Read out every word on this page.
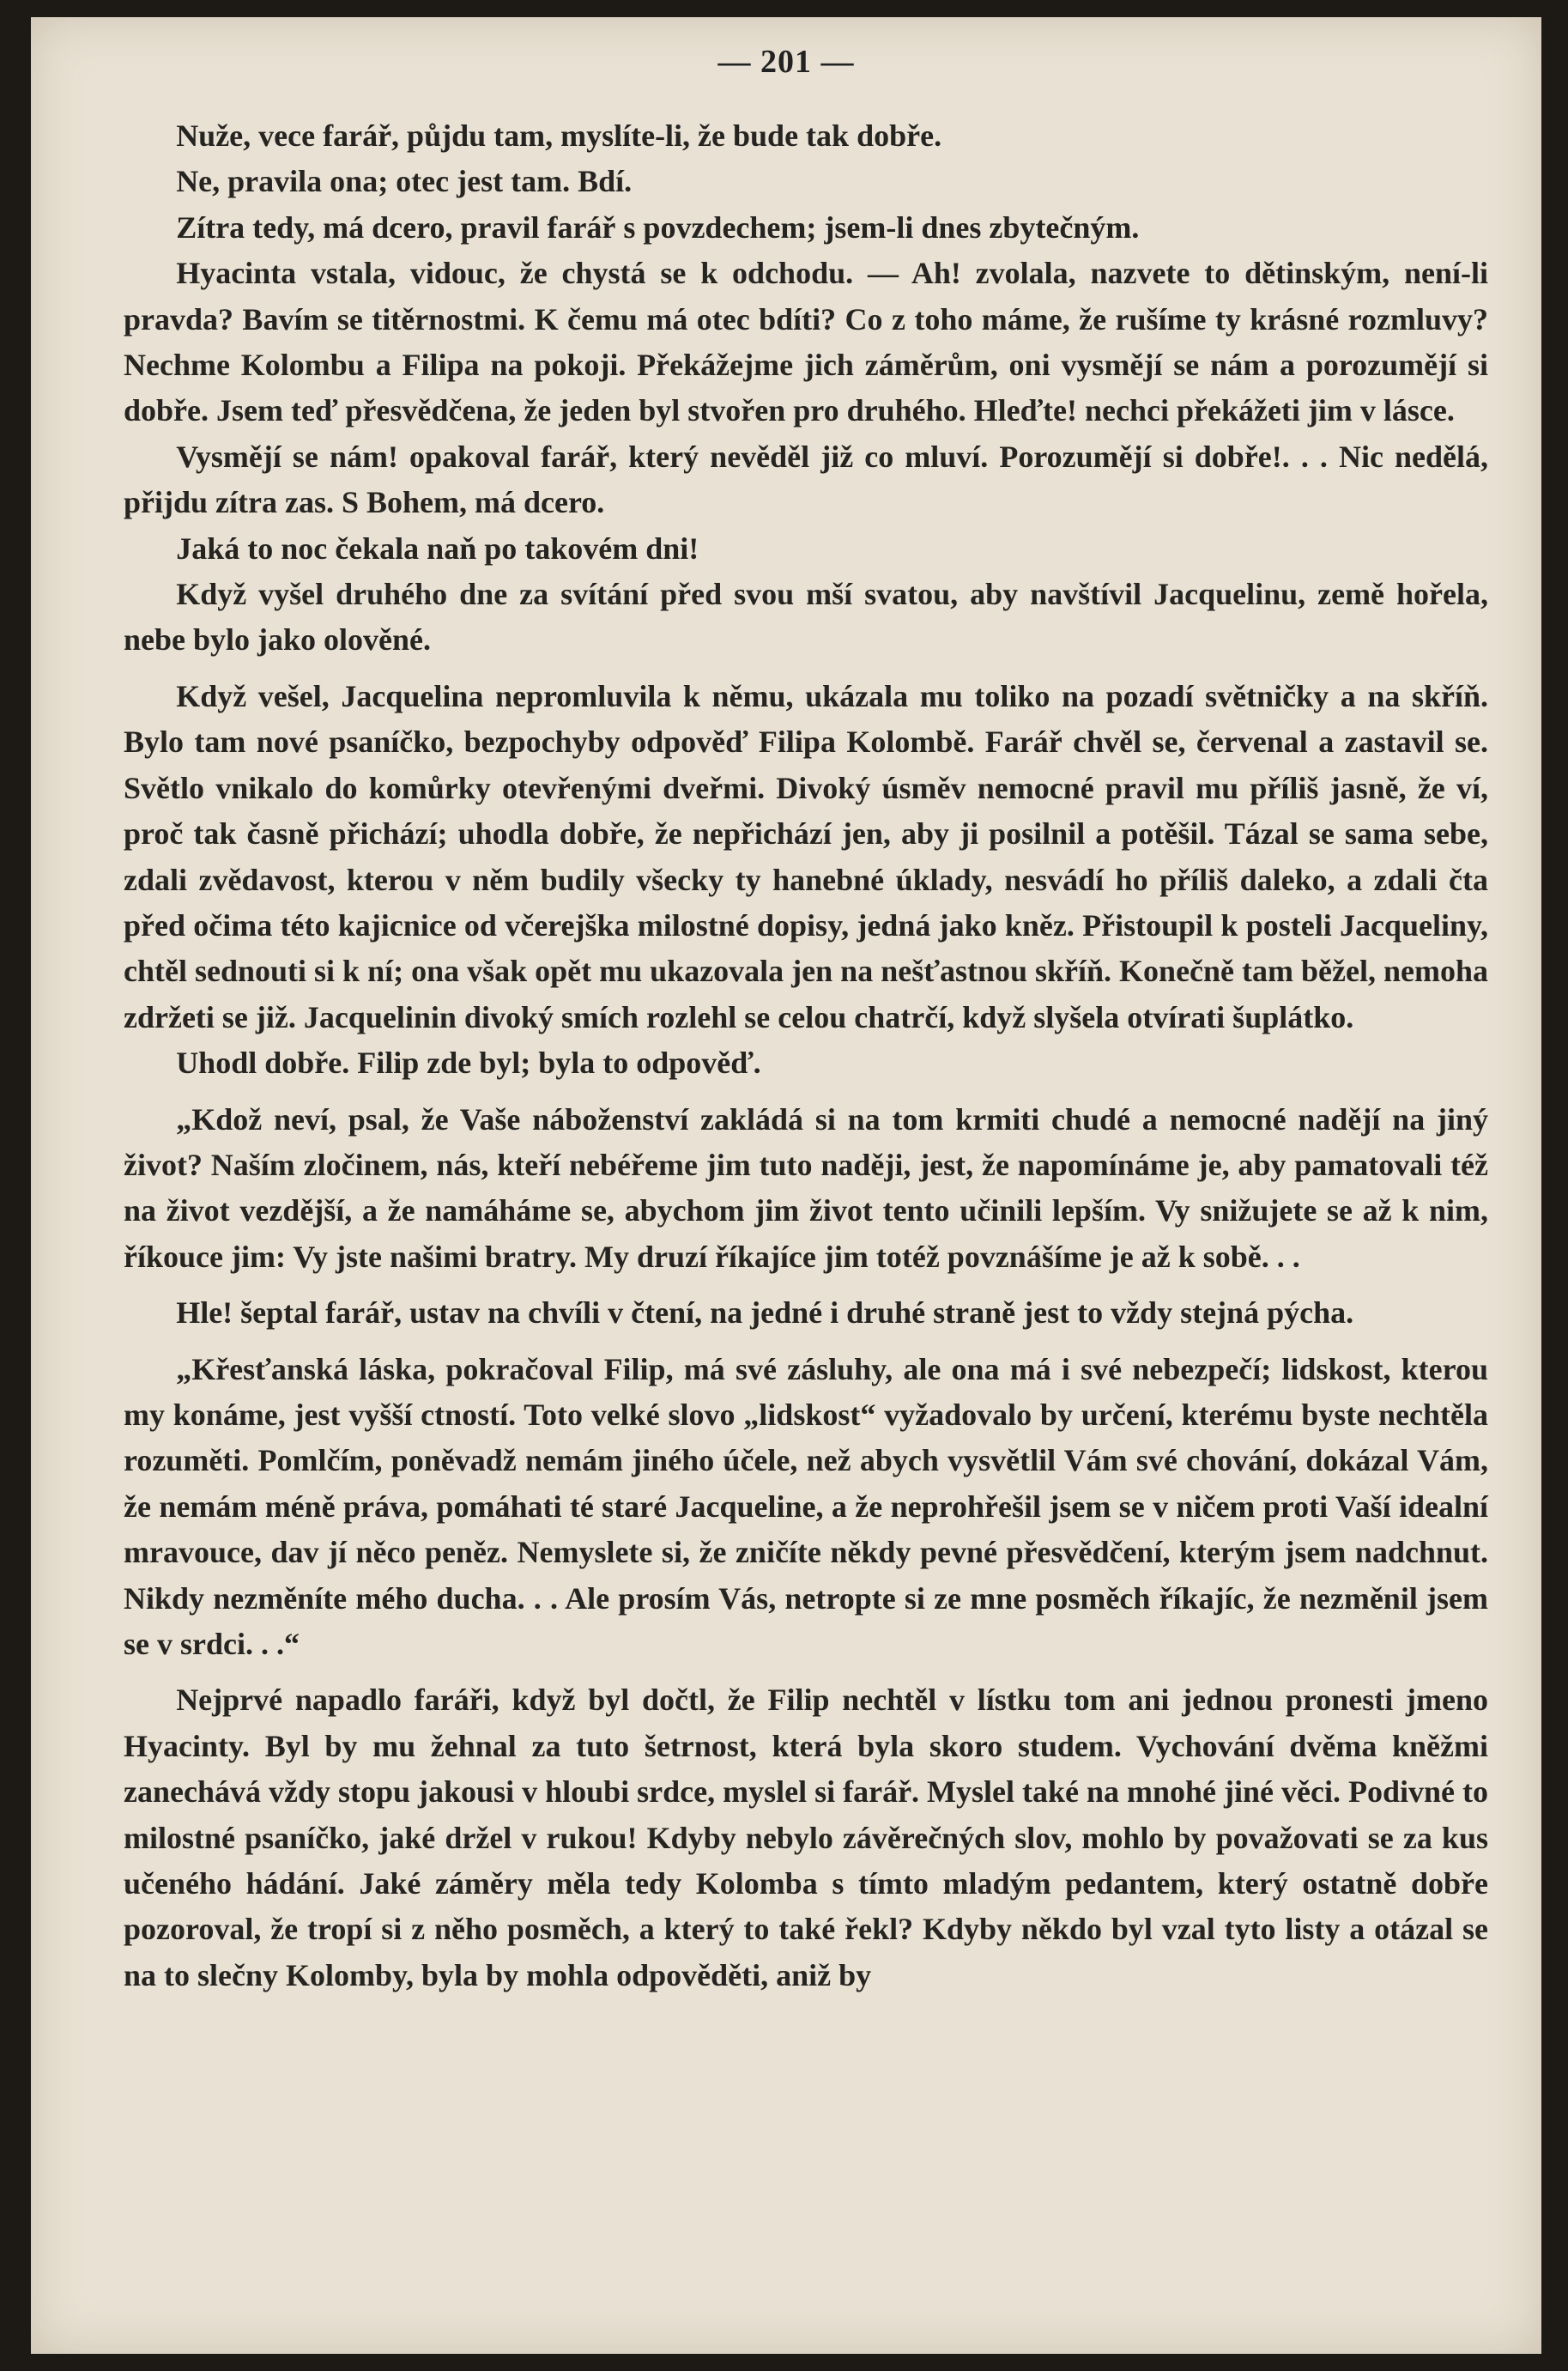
— 201 —

Nuže, vece farář, půjdu tam, myslíte-li, že bude tak dobře.

Ne, pravila ona; otec jest tam. Bdí.

Zítra tedy, má dcero, pravil farář s povzdechem; jsem-li dnes zbytečným.

Hyacinta vstala, vidouc, že chystá se k odchodu. — Ah! zvolala, nazvete to dětinským, není-li pravda? Bavím se titěrnostmi. K čemu má otec bdíti? Co z toho máme, že rušíme ty krásné rozmluvy? Nechme Kolombu a Filipa na pokoji. Překážejme jich záměrům, oni vysmějí se nám a porozumějí si dobře. Jsem teď přesvědčena, že jeden byl stvořen pro druhého. Hleďte! nechci překážeti jim v lásce.

Vysmějí se nám! opakoval farář, který nevěděl již co mluví. Porozumějí si dobře!. . . Nic nedělá, přijdu zítra zas. S Bohem, má dcero.

Jaká to noc čekala naň po takovém dni!

Když vyšel druhého dne za svítání před svou mší svatou, aby navštívil Jacquelinu, země hořela, nebe bylo jako olověné.

Když vešel, Jacquelina nepromluvila k němu, ukázala mu toliko na pozadí světničky a na skříň. Bylo tam nové psaníčko, bezpochyby odpověď Filipa Kolombě. Farář chvěl se, červenal a zastavil se. Světlo vnikalo do komůrky otevřenými dveřmi. Divoký úsměv nemocné pravil mu příliš jasně, že ví, proč tak časně přichází; uhodla dobře, že nepřichází jen, aby ji posilnil a potěšil. Tázal se sama sebe, zdali zvědavost, kterou v něm budily všecky ty hanebné úklady, nesvádí ho příliš daleko, a zdali čta před očima této kajicnice od včerejška milostné dopisy, jedná jako kněz. Přistoupil k posteli Jacqueliny, chtěl sednouti si k ní; ona však opět mu ukazovala jen na nešťastnou skříň. Konečně tam běžel, nemoha zdržeti se již. Jacquelinin divoký smích rozlehl se celou chatrčí, když slyšela otvírati šuplátko.

Uhodl dobře. Filip zde byl; byla to odpověď.

„Kdož neví, psal, že Vaše náboženství zakládá si na tom krmiti chudé a nemocné nadějí na jiný život? Naším zločinem, nás, kteří nebéřeme jim tuto naději, jest, že napomínáme je, aby pamatovali též na život vezdější, a že namáháme se, abychom jim život tento učinili lepším. Vy snižujete se až k nim, říkouce jim: Vy jste našimi bratry. My druzí říkajíce jim totéž povznášíme je až k sobě. . .

Hle! šeptal farář, ustav na chvíli v čtení, na jedné i druhé straně jest to vždy stejná pýcha.

„Křesťanská láska, pokračoval Filip, má své zásluhy, ale ona má i své nebezpečí; lidskost, kterou my konáme, jest vyšší ctností. Toto velké slovo „lidskost“ vyžadovalo by určení, kterému byste nechtěla rozuměti. Pomlčím, poněvadž nemám jiného účele, než abych vysvětlil Vám své chování, dokázal Vám, že nemám méně práva, pomáhati té staré Jacqueline, a že neprohřešil jsem se v ničem proti Vaší idealní mravouce, dav jí něco peněz. Nemyslete si, že zničíte někdy pevné přesvědčení, kterým jsem nadchnut. Nikdy nezměníte mého ducha. . . Ale prosím Vás, netropte si ze mne posměch říkajíc, že nezměnil jsem se v srdci. . .“

Nejprvé napadlo faráři, když byl dočtl, že Filip nechtěl v lístku tom ani jednou pronesti jmeno Hyacinty. Byl by mu žehnal za tuto šetrnost, která byla skoro studem. Vychování dvěma kněžmi zanechává vždy stopu jakousi v hloubi srdce, myslel si farář. Myslel také na mnohé jiné věci. Podivné to milostné psaníčko, jaké držel v rukou! Kdyby nebylo závěrečných slov, mohlo by považovati se za kus učeného hádání. Jaké záměry měla tedy Kolomba s tímto mladým pedantem, který ostatně dobře pozoroval, že tropí si z něho posměch, a který to také řekl? Kdyby někdo byl vzal tyto listy a otázal se na to slečny Kolomby, byla by mohla odpověděti, aniž by
